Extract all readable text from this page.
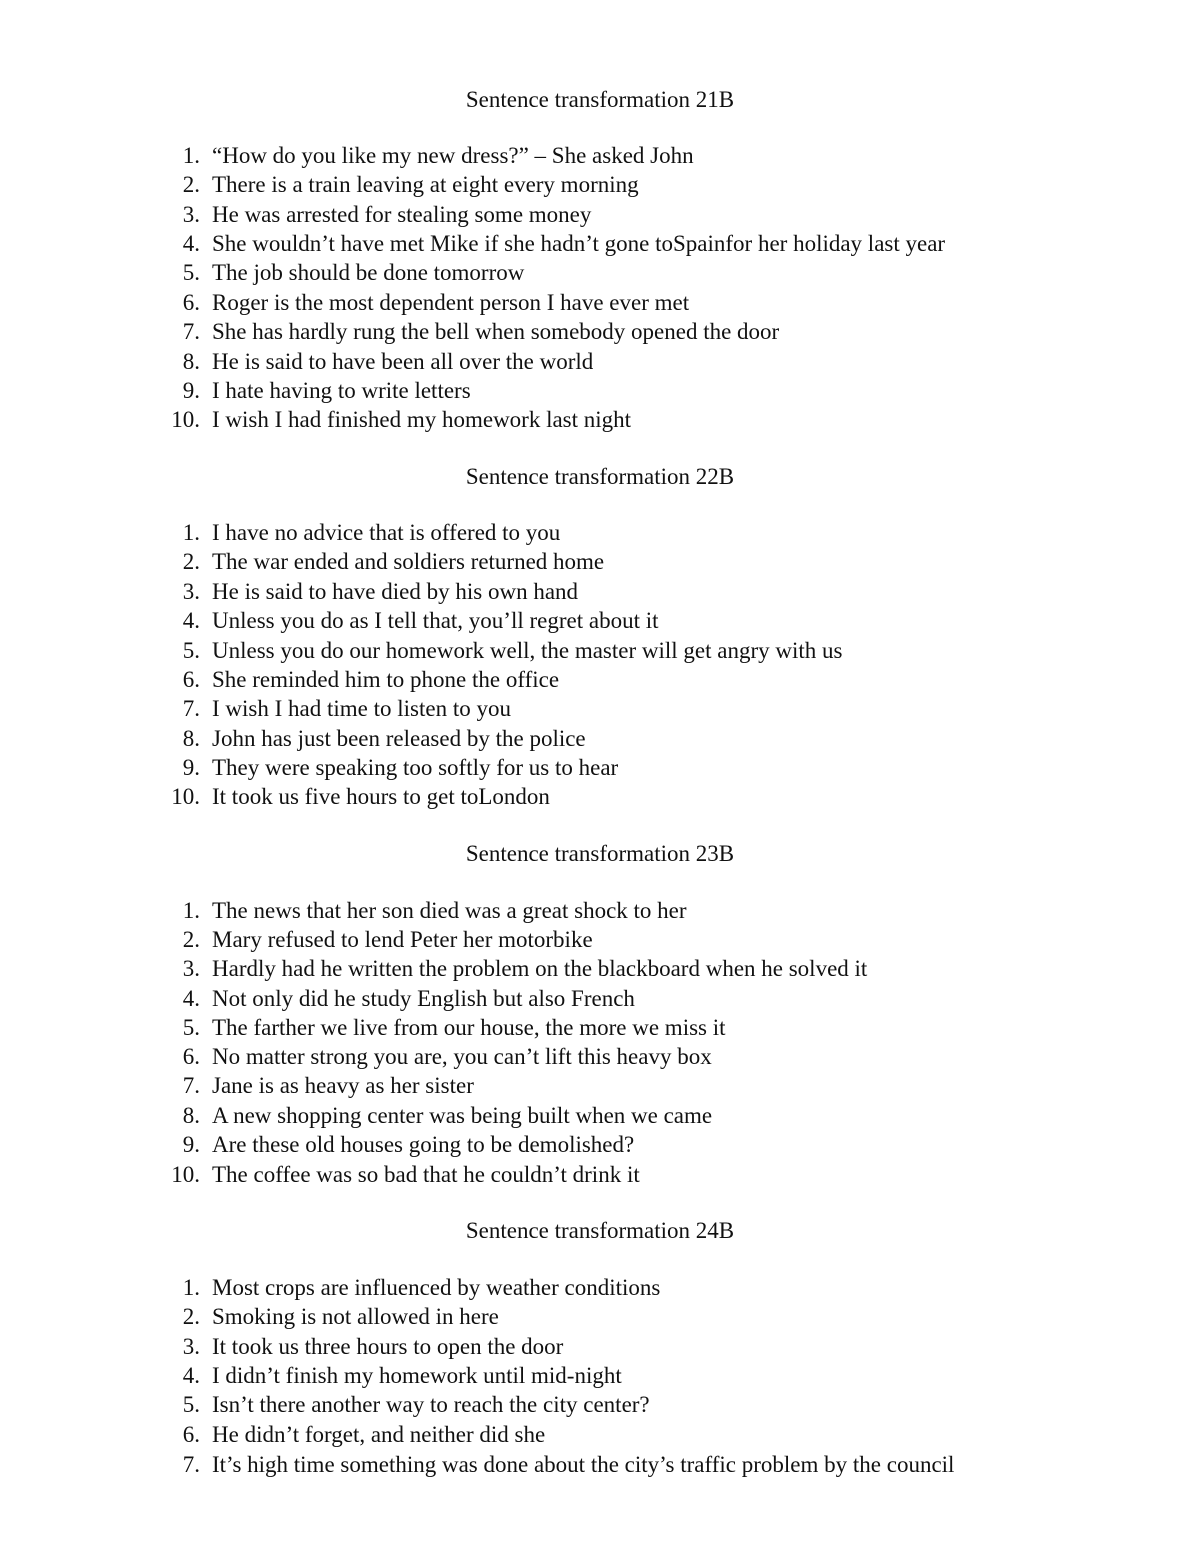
Sentence transformation 21B
1. “How do you like my new dress?” – She asked John
2. There is a train leaving at eight every morning
3. He was arrested for stealing some money
4. She wouldn’t have met Mike if she hadn’t gone toSpainfor her holiday last year
5. The job should be done tomorrow
6. Roger is the most dependent person I have ever met
7. She has hardly rung the bell when somebody opened the door
8. He is said to have been all over the world
9. I hate having to write letters
10. I wish I had finished my homework last night
Sentence transformation 22B
1. I have no advice that is offered to you
2. The war ended and soldiers returned home
3. He is said to have died by his own hand
4. Unless you do as I tell that, you’ll regret about it
5. Unless you do our homework well, the master will get angry with us
6. She reminded him to phone the office
7. I wish I had time to listen to you
8. John has just been released by the police
9. They were speaking too softly for us to hear
10. It took us five hours to get toLondon
Sentence transformation 23B
1. The news that her son died was a great shock to her
2. Mary refused to lend Peter her motorbike
3. Hardly had he written the problem on the blackboard when he solved it
4. Not only did he study English but also French
5. The farther we live from our house, the more we miss it
6. No matter strong you are, you can’t lift this heavy box
7. Jane is as heavy as her sister
8. A new shopping center was being built when we came
9. Are these old houses going to be demolished?
10. The coffee was so bad that he couldn’t drink it
Sentence transformation 24B
1. Most crops are influenced by weather conditions
2. Smoking is not allowed in here
3. It took us three hours to open the door
4. I didn’t finish my homework until mid-night
5. Isn’t there another way to reach the city center?
6. He didn’t forget, and neither did she
7. It’s high time something was done about the city’s traffic problem by the council
